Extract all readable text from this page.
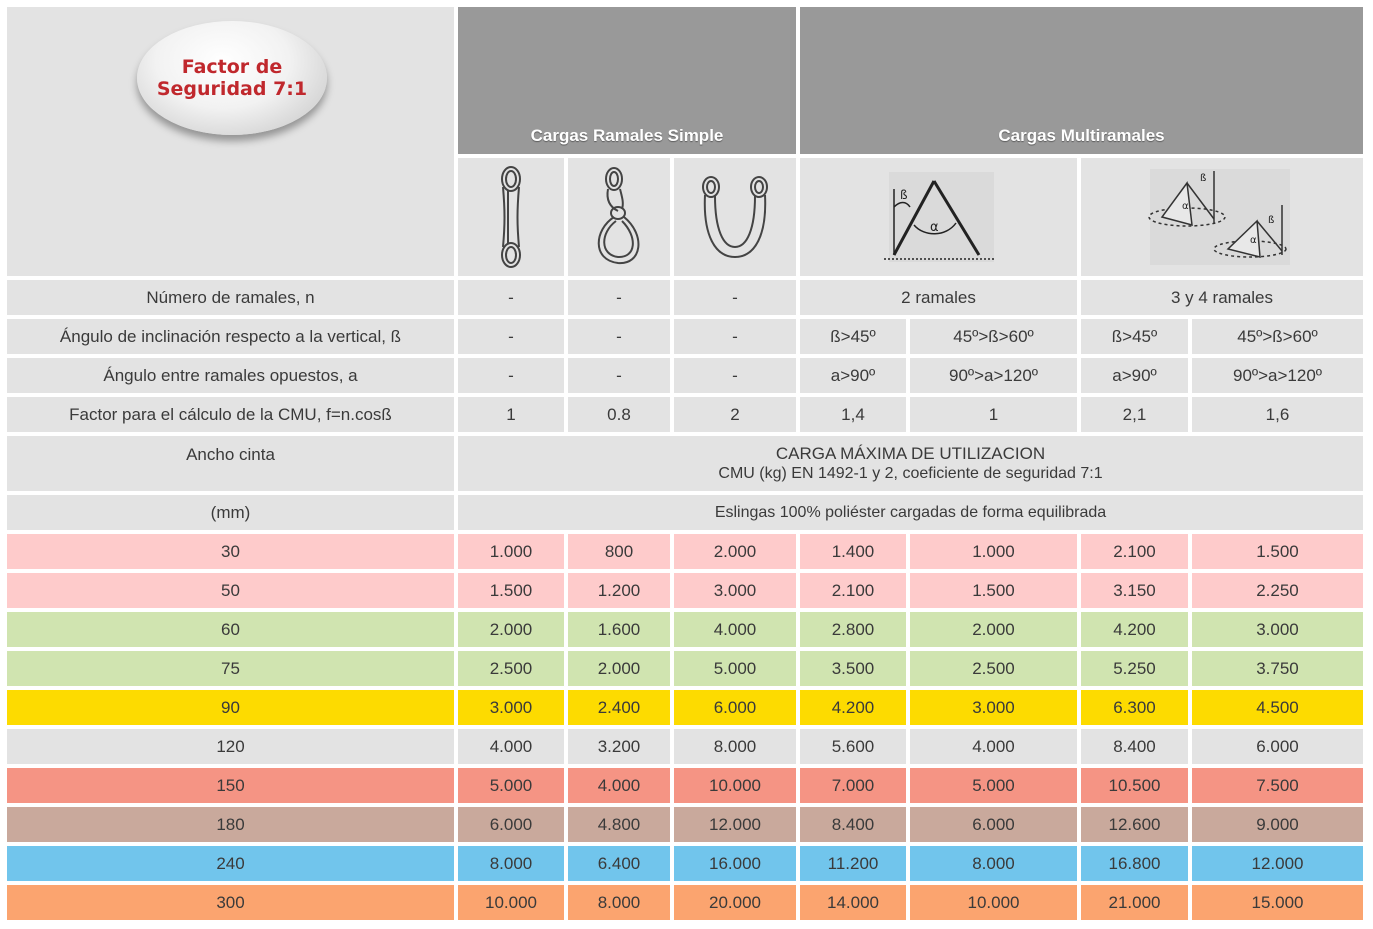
Factor de
Seguridad 7:1	Cargas Ramales Simple			Cargas Multiramales			

ß
α		ß
α
ß
α	

Número de ramales, n	-	-	-	2 ramales		3 y 4 ramales	
Ángulo de inclinación respecto a la vertical, ß	-	-	-	ß>45º	45º>ß>60º	ß>45º	45º>ß>60º
Ángulo entre ramales opuestos, a	-	-	-	a>90º	90º>a>120º	a>90º	90º>a>120º
Factor para el cálculo de la CMU, f=n.cosß	1	0.8	2	1,4	1	2,1	1,6
Ancho cinta	CARGA MÁXIMA DE UTILIZACION
CMU (kg) EN 1492-1 y 2, coeficiente de seguridad 7:1						

(mm)	Eslingas 100% poliéster cargadas de forma equilibrada						
30	1.000	800	2.000	1.400	1.000	2.100	1.500
50	1.500	1.200	3.000	2.100	1.500	3.150	2.250
60	2.000	1.600	4.000	2.800	2.000	4.200	3.000
75	2.500	2.000	5.000	3.500	2.500	5.250	3.750
90	3.000	2.400	6.000	4.200	3.000	6.300	4.500
120	4.000	3.200	8.000	5.600	4.000	8.400	6.000
150	5.000	4.000	10.000	7.000	5.000	10.500	7.500
180	6.000	4.800	12.000	8.400	6.000	12.600	9.000
240	8.000	6.400	16.000	11.200	8.000	16.800	12.000
300	10.000	8.000	20.000	14.000	10.000	21.000	15.000
